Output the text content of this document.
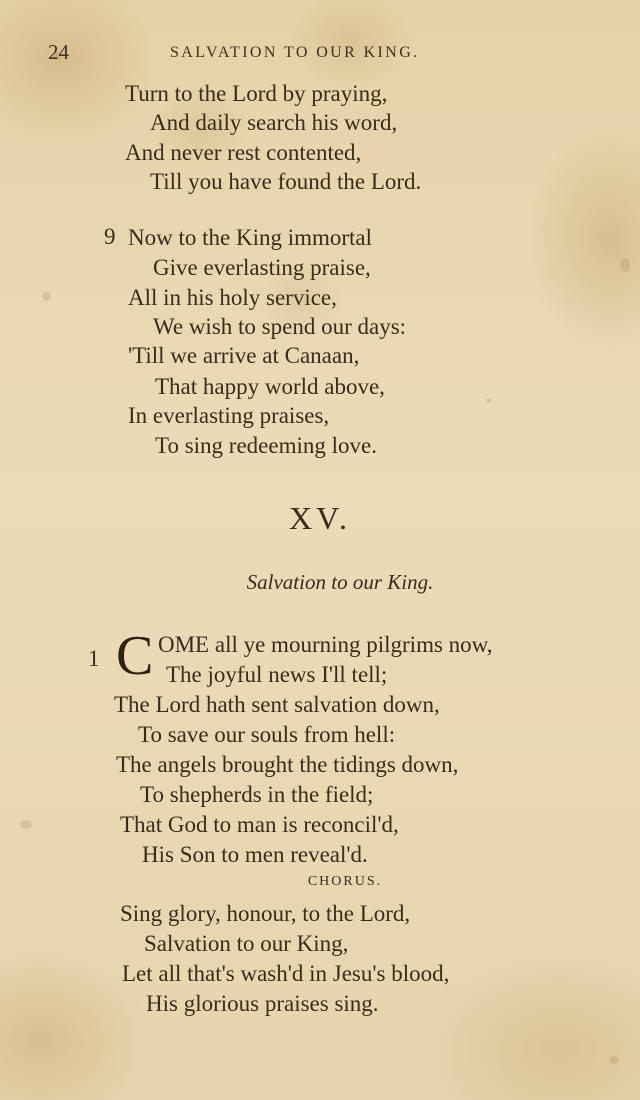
24	SALVATION TO OUR KING.
Turn to the Lord by praying,
And daily search his word,
And never rest contented,
Till you have found the Lord.
9 Now to the King immortal
Give everlasting praise,
All in his holy service,
We wish to spend our days:
'Till we arrive at Canaan,
That happy world above,
In everlasting praises,
To sing redeeming love.
XV.
Salvation to our King.
1 C OME all ye mourning pilgrims now,
The joyful news I'll tell;
The Lord hath sent salvation down,
To save our souls from hell:
The angels brought the tidings down,
To shepherds in the field;
That God to man is reconcil'd,
His Son to men reveal'd.
CHORUS.
Sing glory, honour, to the Lord,
Salvation to our King,
Let all that's wash'd in Jesu's blood,
His glorious praises sing.
